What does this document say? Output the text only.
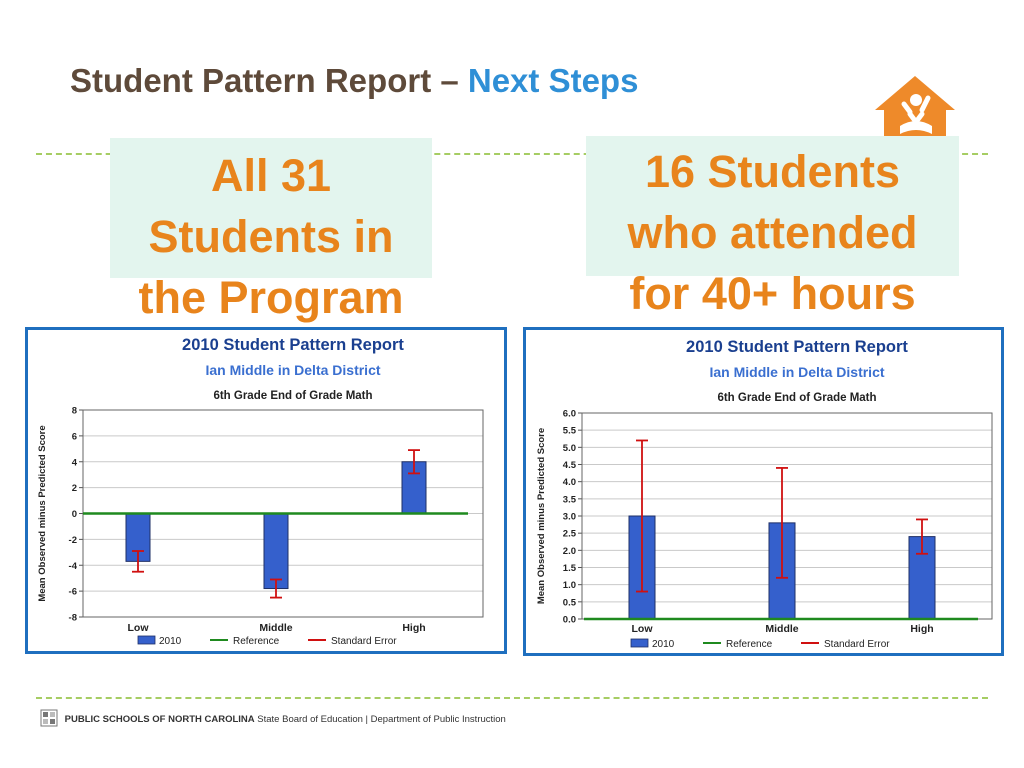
Student Pattern Report – Next Steps
All 31
Students in
the Program
16 Students
who attended
for 40+ hours
2010 Student Pattern Report
Ian Middle in Delta District
6th Grade End of Grade Math
8
6
4
2
0
-2
-4
-6
-8
Mean Observed minus Predicted Score
Low	Middle	High
2010	Reference	Standard Error
2010 Student Pattern Report
Ian Middle in Delta District
6th Grade End of Grade Math
6.0
5.5
5.0
4.5
4.0
3.5
3.0
2.5
2.0
1.5
1.0
0.5
0.0
Mean Observed minus Predicted Score
Low	Middle	High
2010	Reference	Standard Error
PUBLIC SCHOOLS OF NORTH CAROLINA State Board of Education | Department of Public Instruction
